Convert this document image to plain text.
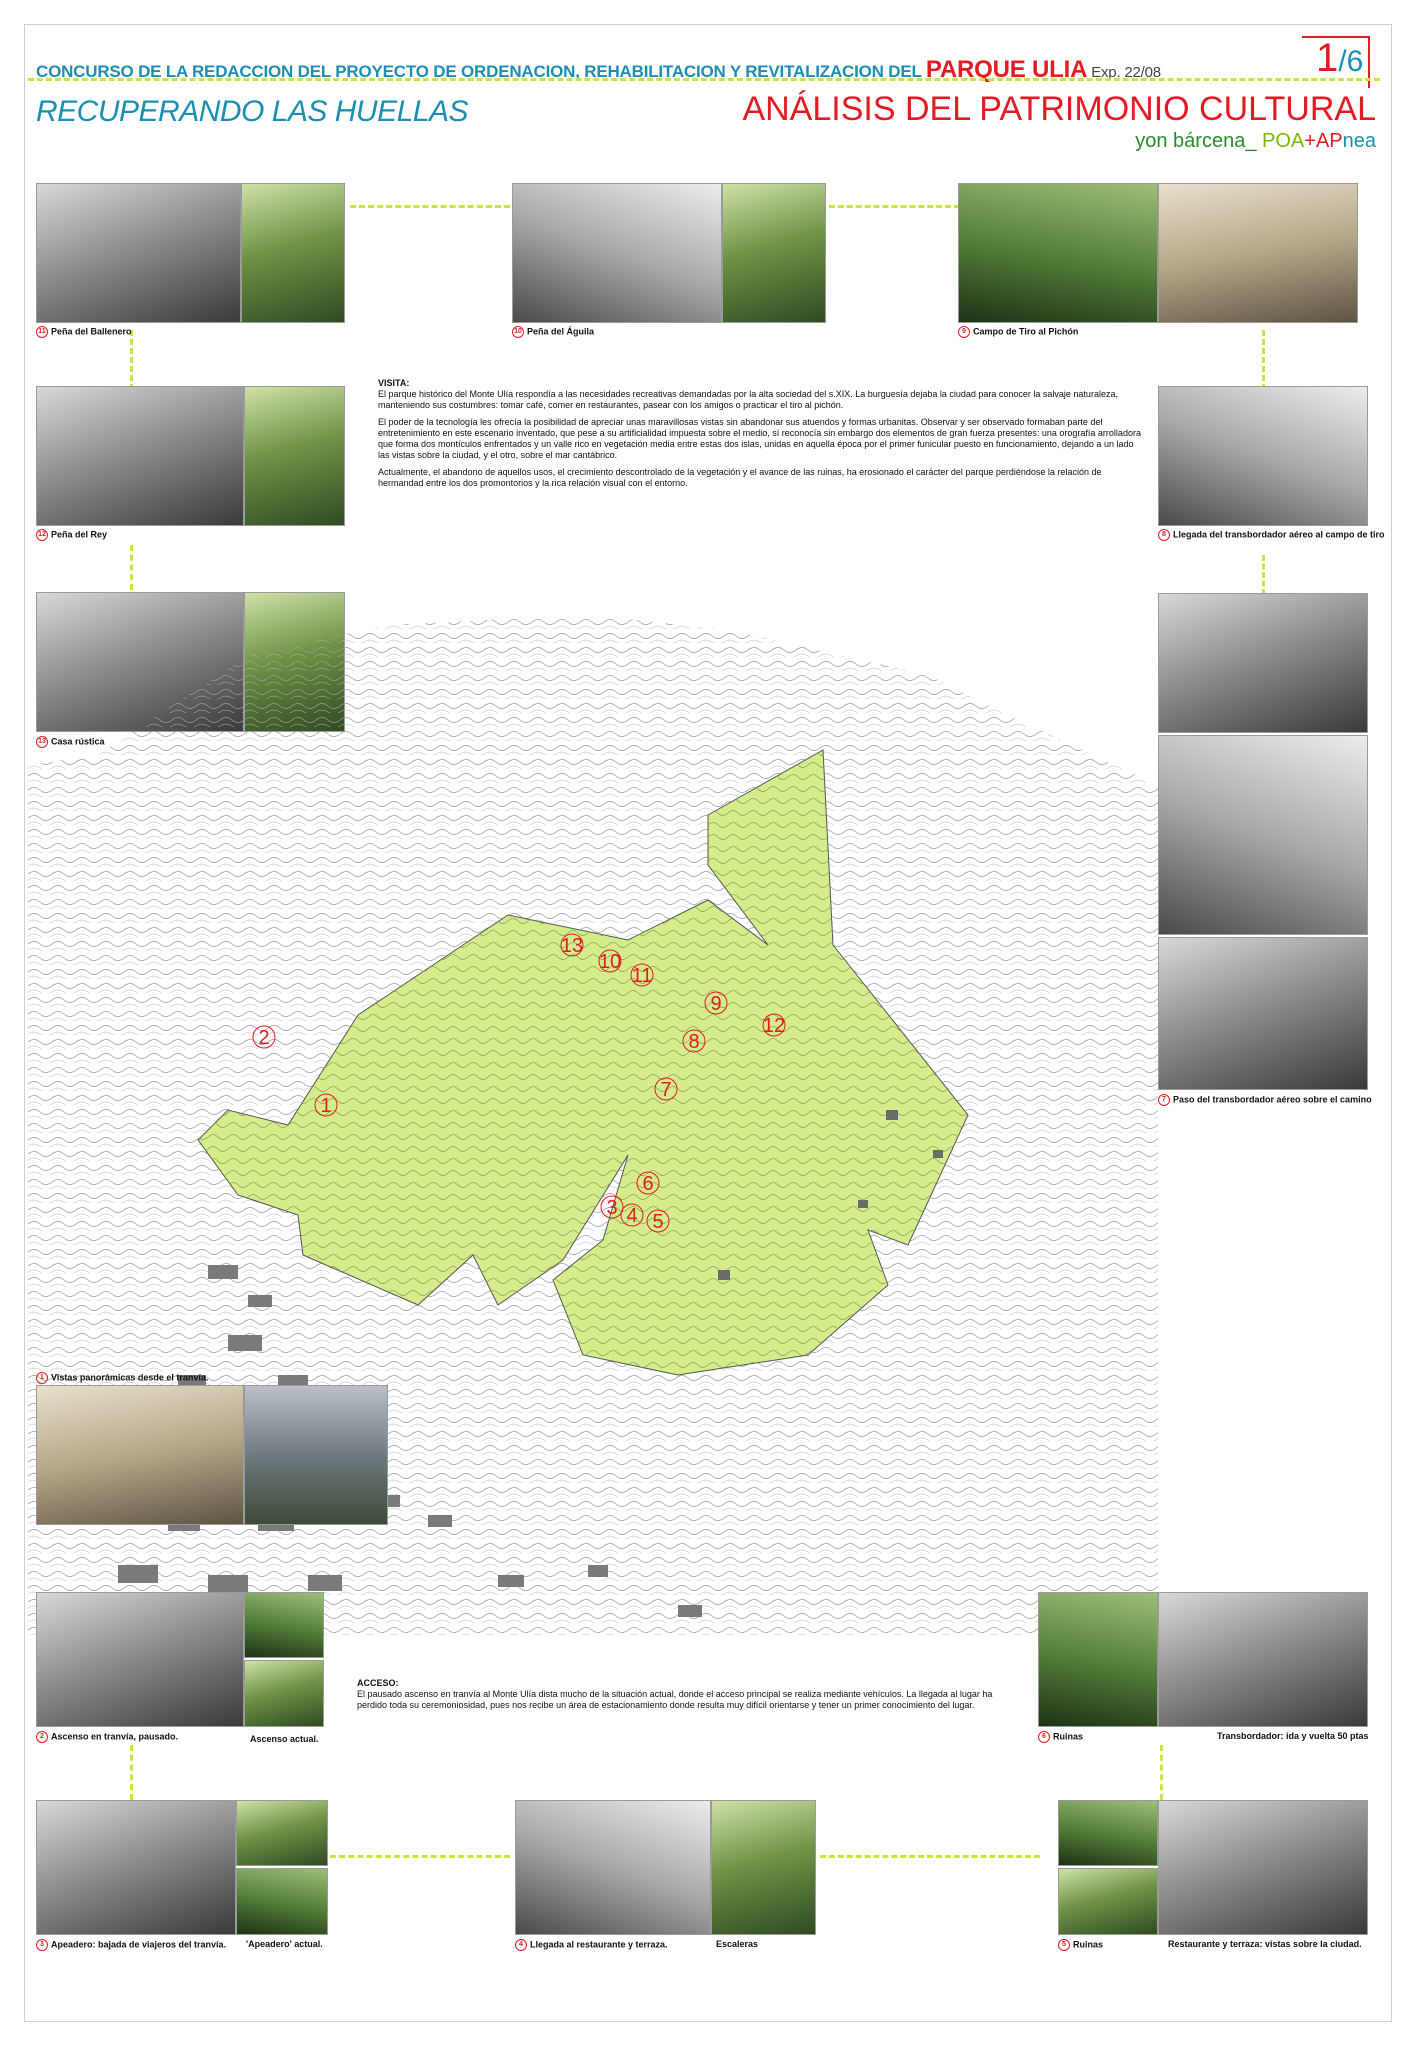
CONCURSO DE LA REDACCION DEL PROYECTO DE ORDENACION, REHABILITACION Y REVITALIZACION DEL PARQUE ULIA Exp. 22/08	1/6
RECUPERANDO LAS HUELLAS	ANÁLISIS DEL PATRIMONIO CULTURAL
yon bárcena_ POA+APnea
11 Peña del Ballenero	10 Peña del Águila	9 Campo de Tiro al Pichón
12 Peña del Rey	8 Llegada del transbordador aéreo al campo de tiro

VISITA:

El parque histórico del Monte Ulía respondía a las necesidades recreativas demandadas por la alta sociedad del s.XIX. La burguesía dejaba la ciudad para conocer la salvaje naturaleza, manteniendo sus costumbres: tomar café, comer en restaurantes, pasear con los amigos o practicar el tiro al pichón.

El poder de la tecnología les ofrecía la posibilidad de apreciar unas maravillosas vistas sin abandonar sus atuendos y formas urbanitas. Observar y ser observado formaban parte del entretenimiento en este escenario inventado, que pese a su artificialidad impuesta sobre el medio, sí reconocía sin embargo dos elementos de gran fuerza presentes: una orografía arrolladora que forma dos montículos enfrentados y un valle rico en vegetación media entre estas dos islas, unidas en aquella época por el primer funicular puesto en funcionamiento, dejando a un lado las vistas sobre la ciudad, y el otro, sobre el mar cantábrico.

Actualmente, el abandono de aquellos usos, el crecimiento descontrolado de la vegetación y el avance de las ruinas, ha erosionado el carácter del parque perdiéndose la relación de hermandad entre los dos promontorios y la rica relación visual con el entorno.

13 Casa rústica
7 Paso del transbordador aéreo sobre el camino
13
10
11
9
12
8
2
7
1
6
3 4 5
1 Vistas panorámicas desde el tranvía.
2 Ascenso en tranvía, pausado.	Ascenso actual.

ACCESO:

El pausado ascenso en tranvía al Monte Ulía dista mucho de la situación actual, donde el acceso principal se realiza mediante vehículos. La llegada al lugar ha perdido toda su ceremoniosidad, pues nos recibe un área de estacionamiento donde resulta muy difícil orientarse y tener un primer conocimiento del lugar.

6 Ruinas	Transbordador: ida y vuelta 50 ptas
3 Apeadero: bajada de viajeros del tranvía. 'Apeadero' actual.	4 Llegada al restaurante y terraza.	Escaleras	5 Ruinas	Restaurante y terraza: vistas sobre la ciudad.
